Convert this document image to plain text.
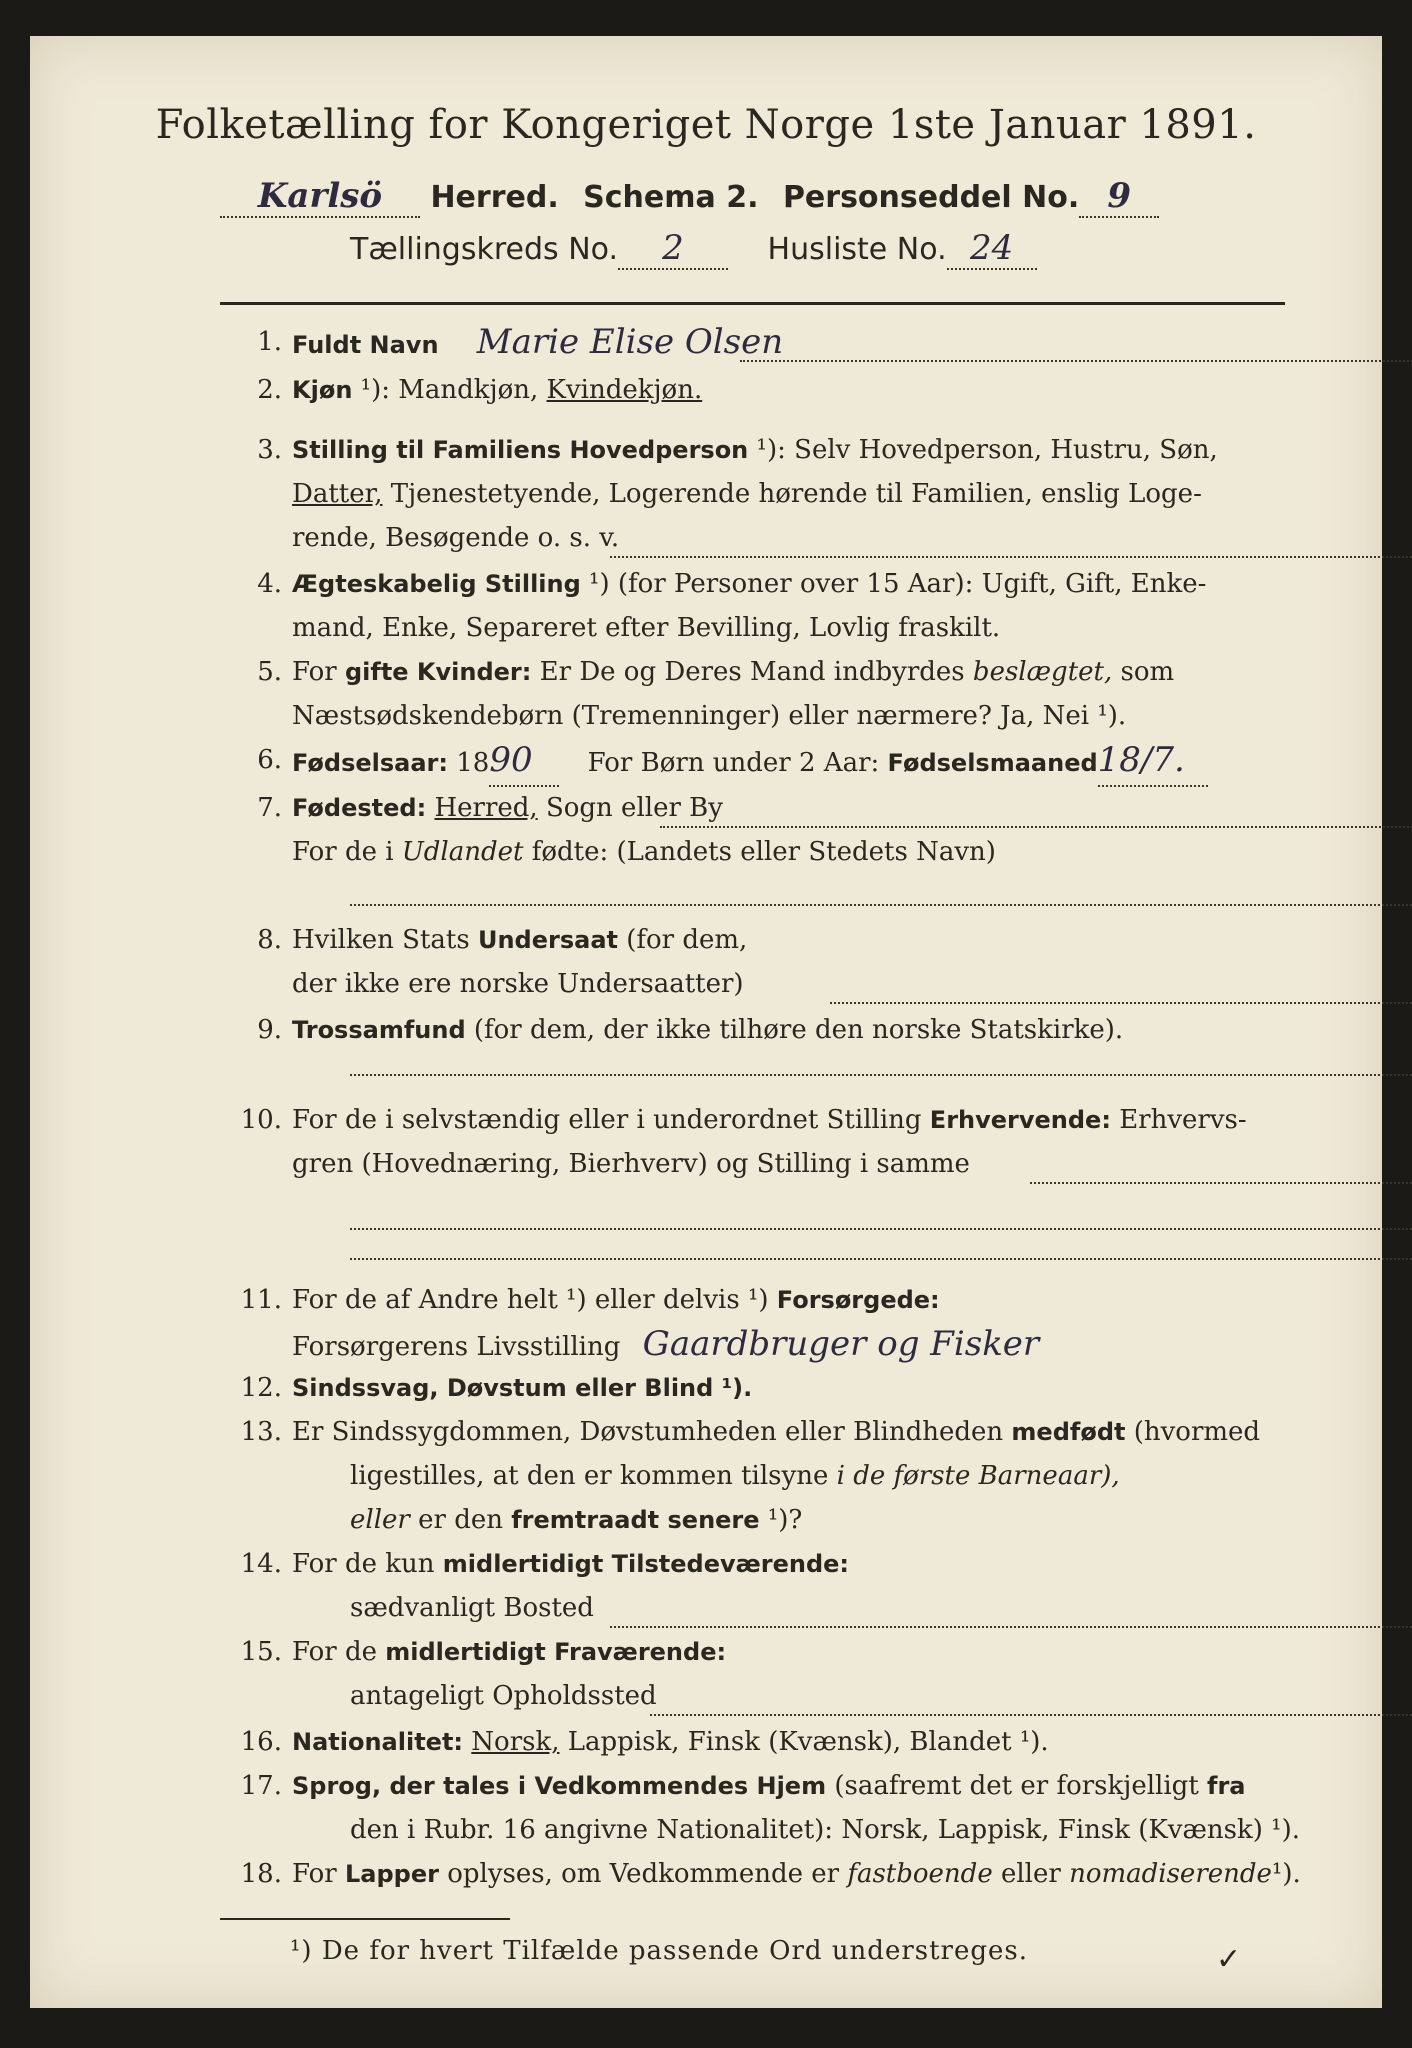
Folketælling for Kongeriget Norge 1ste Januar 1891.
Karlsö Herred. Schema 2. Personseddel No. 9
Tællingskreds No. 2	Husliste No. 24
1. Fuldt Navn Marie Elise Olsen
2. Kjøn ¹): Mandkjøn, Kvindekjøn.
3. Stilling til Familiens Hovedperson ¹): Selv Hovedperson, Hustru, Søn,
Datter, Tjenestetyende, Logerende hørende til Familien, enslig Loge-
rende, Besøgende o. s. v.
4. Ægteskabelig Stilling ¹) (for Personer over 15 Aar): Ugift, Gift, Enke-
mand, Enke, Separeret efter Bevilling, Lovlig fraskilt.
5. For gifte Kvinder: Er De og Deres Mand indbyrdes beslægtet, som
Næstsødskendebørn (Tremenninger) eller nærmere? Ja, Nei ¹).
6. Fødselsaar: 1890 For Børn under 2 Aar: Fødselsmaaned18/7.
7. Fødested: Herred, Sogn eller By
For de i Udlandet fødte: (Landets eller Stedets Navn)
8. Hvilken Stats Undersaat (for dem,
der ikke ere norske Undersaatter)
9. Trossamfund (for dem, der ikke tilhøre den norske Statskirke).
10. For de i selvstændig eller i underordnet Stilling Erhvervende: Erhvervs-
gren (Hovednæring, Bierhverv) og Stilling i samme
11. For de af Andre helt ¹) eller delvis ¹) Forsørgede:
Forsørgerens Livsstilling Gaardbruger og Fisker
12. Sindssvag, Døvstum eller Blind ¹).
13. Er Sindssygdommen, Døvstumheden eller Blindheden medfødt (hvormed
ligestilles, at den er kommen tilsyne i de første Barneaar),
eller er den fremtraadt senere ¹)?
14. For de kun midlertidigt Tilstedeværende:
sædvanligt Bosted
15. For de midlertidigt Fraværende:
antageligt Opholdssted
16. Nationalitet: Norsk, Lappisk, Finsk (Kvænsk), Blandet ¹).
17. Sprog, der tales i Vedkommendes Hjem (saafremt det er forskjelligt fra
den i Rubr. 16 angivne Nationalitet): Norsk, Lappisk, Finsk (Kvænsk) ¹).
18. For Lapper oplyses, om Vedkommende er fastboende eller nomadiserende¹).
¹) De for hvert Tilfælde passende Ord understreges.	✓
